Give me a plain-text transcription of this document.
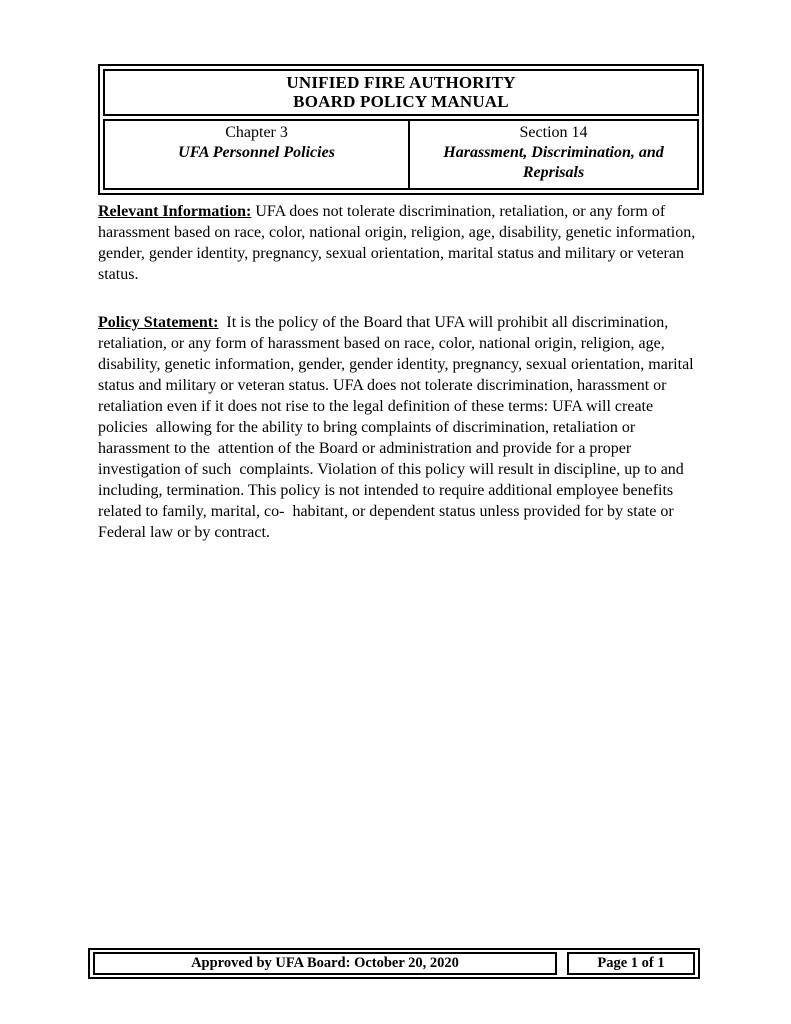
UNIFIED FIRE AUTHORITY
BOARD POLICY MANUAL
Chapter 3
UFA Personnel Policies
Section 14
Harassment, Discrimination, and Reprisals

Relevant Information: UFA does not tolerate discrimination, retaliation, or any form of harassment based on race, color, national origin, religion, age, disability, genetic information, gender, gender identity, pregnancy, sexual orientation, marital status and military or veteran status.

Policy Statement:  It is the policy of the Board that UFA will prohibit all discrimination, retaliation, or any form of harassment based on race, color, national origin, religion, age, disability, genetic information, gender, gender identity, pregnancy, sexual orientation, marital status and military or veteran status. UFA does not tolerate discrimination, harassment or retaliation even if it does not rise to the legal definition of these terms: UFA will create policies  allowing for the ability to bring complaints of discrimination, retaliation or harassment to the  attention of the Board or administration and provide for a proper investigation of such  complaints. Violation of this policy will result in discipline, up to and including, termination. This policy is not intended to require additional employee benefits related to family, marital, co-  habitant, or dependent status unless provided for by state or Federal law or by contract.

Approved by UFA Board: October 20, 2020	Page 1 of 1
